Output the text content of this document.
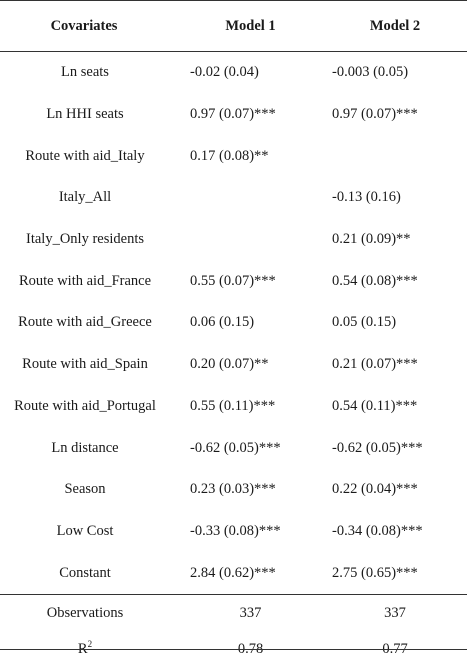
Covariates	Model 1	Model 2
Ln seats	-0.02 (0.04)	-0.003 (0.05)
Ln HHI seats	0.97 (0.07)***	0.97 (0.07)***
Route with aid_Italy	0.17 (0.08)**	
Italy_All		-0.13 (0.16)
Italy_Only residents		0.21 (0.09)**
Route with aid_France	0.55 (0.07)***	0.54 (0.08)***
Route with aid_Greece	0.06 (0.15)	0.05 (0.15)
Route with aid_Spain	0.20 (0.07)**	0.21 (0.07)***
Route with aid_Portugal	0.55 (0.11)***	0.54 (0.11)***
Ln distance	-0.62 (0.05)***	-0.62 (0.05)***
Season	0.23 (0.03)***	0.22 (0.04)***
Low Cost	-0.33 (0.08)***	-0.34 (0.08)***
Constant	2.84 (0.62)***	2.75 (0.65)***
Observations	337	337
$R^2$	0.78	0.77
